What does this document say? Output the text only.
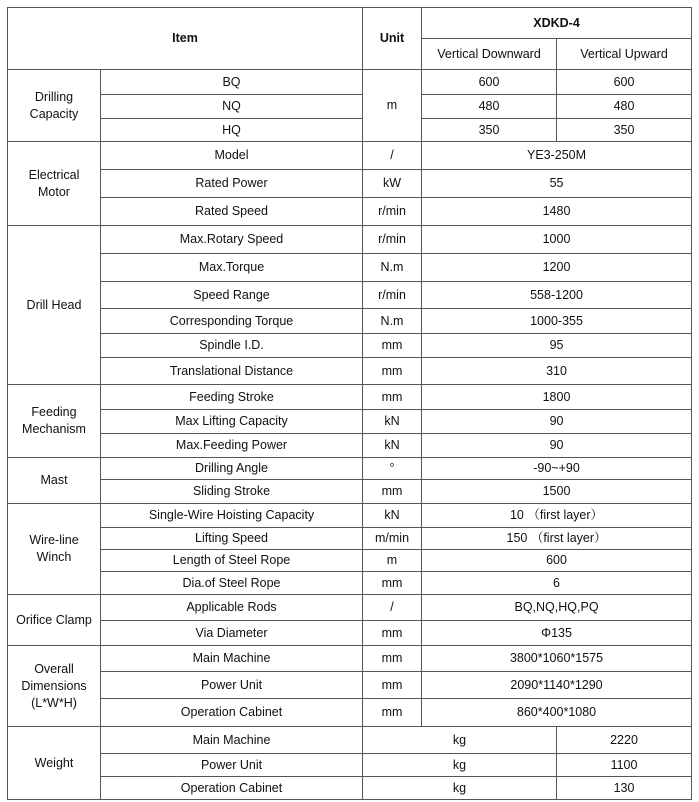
Item		Unit	XDKD-4	
			Vertical Downward	Vertical Upward
Drilling
Capacity	BQ	m	600	600
	NQ		480	480
	HQ		350	350
Electrical
Motor	Model	/	YE3-250M	
	Rated Power	kW	55	
	Rated Speed	r/min	1480	
Drill Head	Max.Rotary Speed	r/min	1000	
	Max.Torque	N.m	1200	
	Speed Range	r/min	558-1200	
	Corresponding Torque	N.m	1000-355	
	Spindle I.D.	mm	95	
	Translational Distance	mm	310	
Feeding
Mechanism	Feeding Stroke	mm	1800	
	Max Lifting Capacity	kN	90	
	Max.Feeding Power	kN	90	
Mast	Drilling Angle	°	-90~+90	
	Sliding Stroke	mm	1500	
Wire-line
Winch	Single-Wire Hoisting Capacity	kN	10 （first layer）	
	Lifting Speed	m/min	150 （first layer）	
	Length of Steel Rope	m	600	
	Dia.of Steel Rope	mm	6	
Orifice Clamp	Applicable Rods	/	BQ,NQ,HQ,PQ	
	Via Diameter	mm	Φ135	
Overall
Dimensions
(L*W*H)	Main Machine	mm	3800*1060*1575	
	Power Unit	mm	2090*1140*1290	
	Operation Cabinet	mm	860*400*1080	
Weight	Main Machine	kg		2220
	Power Unit	kg		1100
	Operation Cabinet	kg		130
